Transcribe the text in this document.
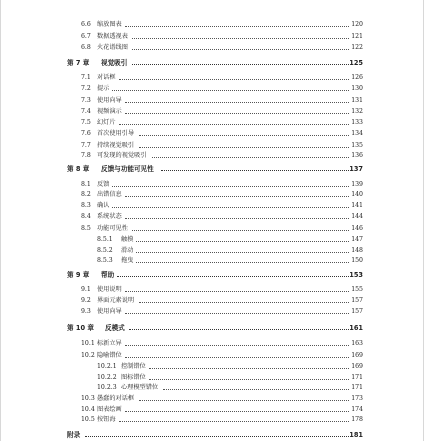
6.6 缩放图表	120
6.7 数据透视表	121
6.8 火花谱线图	122
第 7 章 视觉吸引	125
7.1 对话框	126
7.2 提示	130
7.3 使用向导	131
7.4 视频演示	132
7.5 幻灯片	133
7.6 首次使用引导	134
7.7 持续视觉吸引	135
7.8 可发现的视觉吸引	136
第 8 章 反馈与功能可见性	137
8.1 反馈	139
8.2 出错信息	140
8.3 确认	141
8.4 系统状态	144
8.5 功能可见性	146
8.5.1 触摸	147
8.5.2 滑动	148
8.5.3 拖曳	150
第 9 章 帮助	153
9.1 使用说明	155
9.2 界面元素说明	157
9.3 使用向导	157
第 10 章 反模式	161
10.1 标新立异	163
10.2 隐喻错位	169
10.2.1 控制错位	169
10.2.2 图标错位	171
10.2.3 心理模型错位	171
10.3 愚蠢的对话框	173
10.4 图表绘画	174
10.5 按钮海	178
附录	181
